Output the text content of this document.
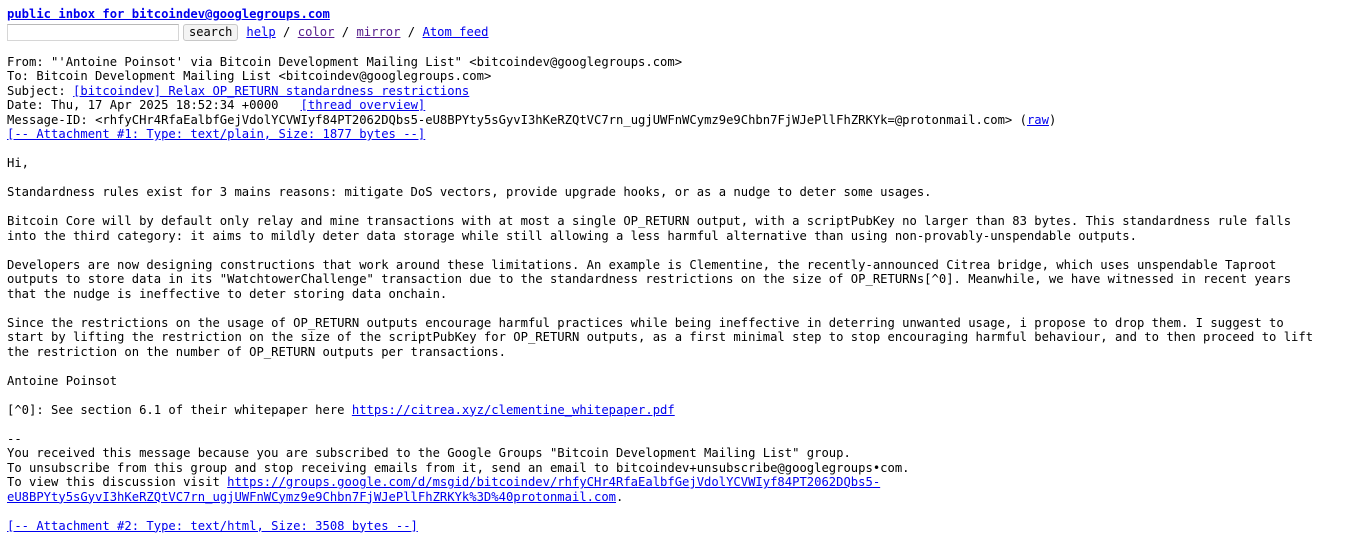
public inbox for bitcoindev@googlegroups.com
search	help / color / mirror / Atom feed
From: "'Antoine Poinsot' via Bitcoin Development Mailing List" <bitcoindev@googlegroups.com>
To: Bitcoin Development Mailing List <bitcoindev@googlegroups.com>
Subject: [bitcoindev] Relax OP_RETURN standardness restrictions
Date: Thu, 17 Apr 2025 18:52:34 +0000 [thread overview]
Message-ID: <rhfyCHr4RfaEalbfGejVdolYCVWIyf84PT2062DQbs5-eU8BPYty5sGyvI3hKeRZQtVC7rn_ugjUWFnWCymz9e9Chbn7FjWJePllFhZRKYk=@protonmail.com> (raw)
[-- Attachment #1: Type: text/plain, Size: 1877 bytes --]

Hi,

Standardness rules exist for 3 mains reasons: mitigate DoS vectors, provide upgrade hooks, or as a nudge to deter some usages.

Bitcoin Core will by default only relay and mine transactions with at most a single OP_RETURN output, with a scriptPubKey no larger than 83 bytes. This standardness rule falls
into the third category: it aims to mildly deter data storage while still allowing a less harmful alternative than using non-provably-unspendable outputs.

Developers are now designing constructions that work around these limitations. An example is Clementine, the recently-announced Citrea bridge, which uses unspendable Taproot
outputs to store data in its "WatchtowerChallenge" transaction due to the standardness restrictions on the size of OP_RETURNs[^0]. Meanwhile, we have witnessed in recent years
that the nudge is ineffective to deter storing data onchain.

Since the restrictions on the usage of OP_RETURN outputs encourage harmful practices while being ineffective in deterring unwanted usage, i propose to drop them. I suggest to
start by lifting the restriction on the size of the scriptPubKey for OP_RETURN outputs, as a first minimal step to stop encouraging harmful behaviour, and to then proceed to lift
the restriction on the number of OP_RETURN outputs per transactions.

Antoine Poinsot

[^0]: See section 6.1 of their whitepaper here https://citrea.xyz/clementine_whitepaper.pdf

--
You received this message because you are subscribed to the Google Groups "Bitcoin Development Mailing List" group.
To unsubscribe from this group and stop receiving emails from it, send an email to bitcoindev+unsubscribe@googlegroups•com.
To view this discussion visit https://groups.google.com/d/msgid/bitcoindev/rhfyCHr4RfaEalbfGejVdolYCVWIyf84PT2062DQbs5-
eU8BPYty5sGyvI3hKeRZQtVC7rn_ugjUWFnWCymz9e9Chbn7FjWJePllFhZRKYk%3D%40protonmail.com.

[-- Attachment #2: Type: text/html, Size: 3508 bytes --]
